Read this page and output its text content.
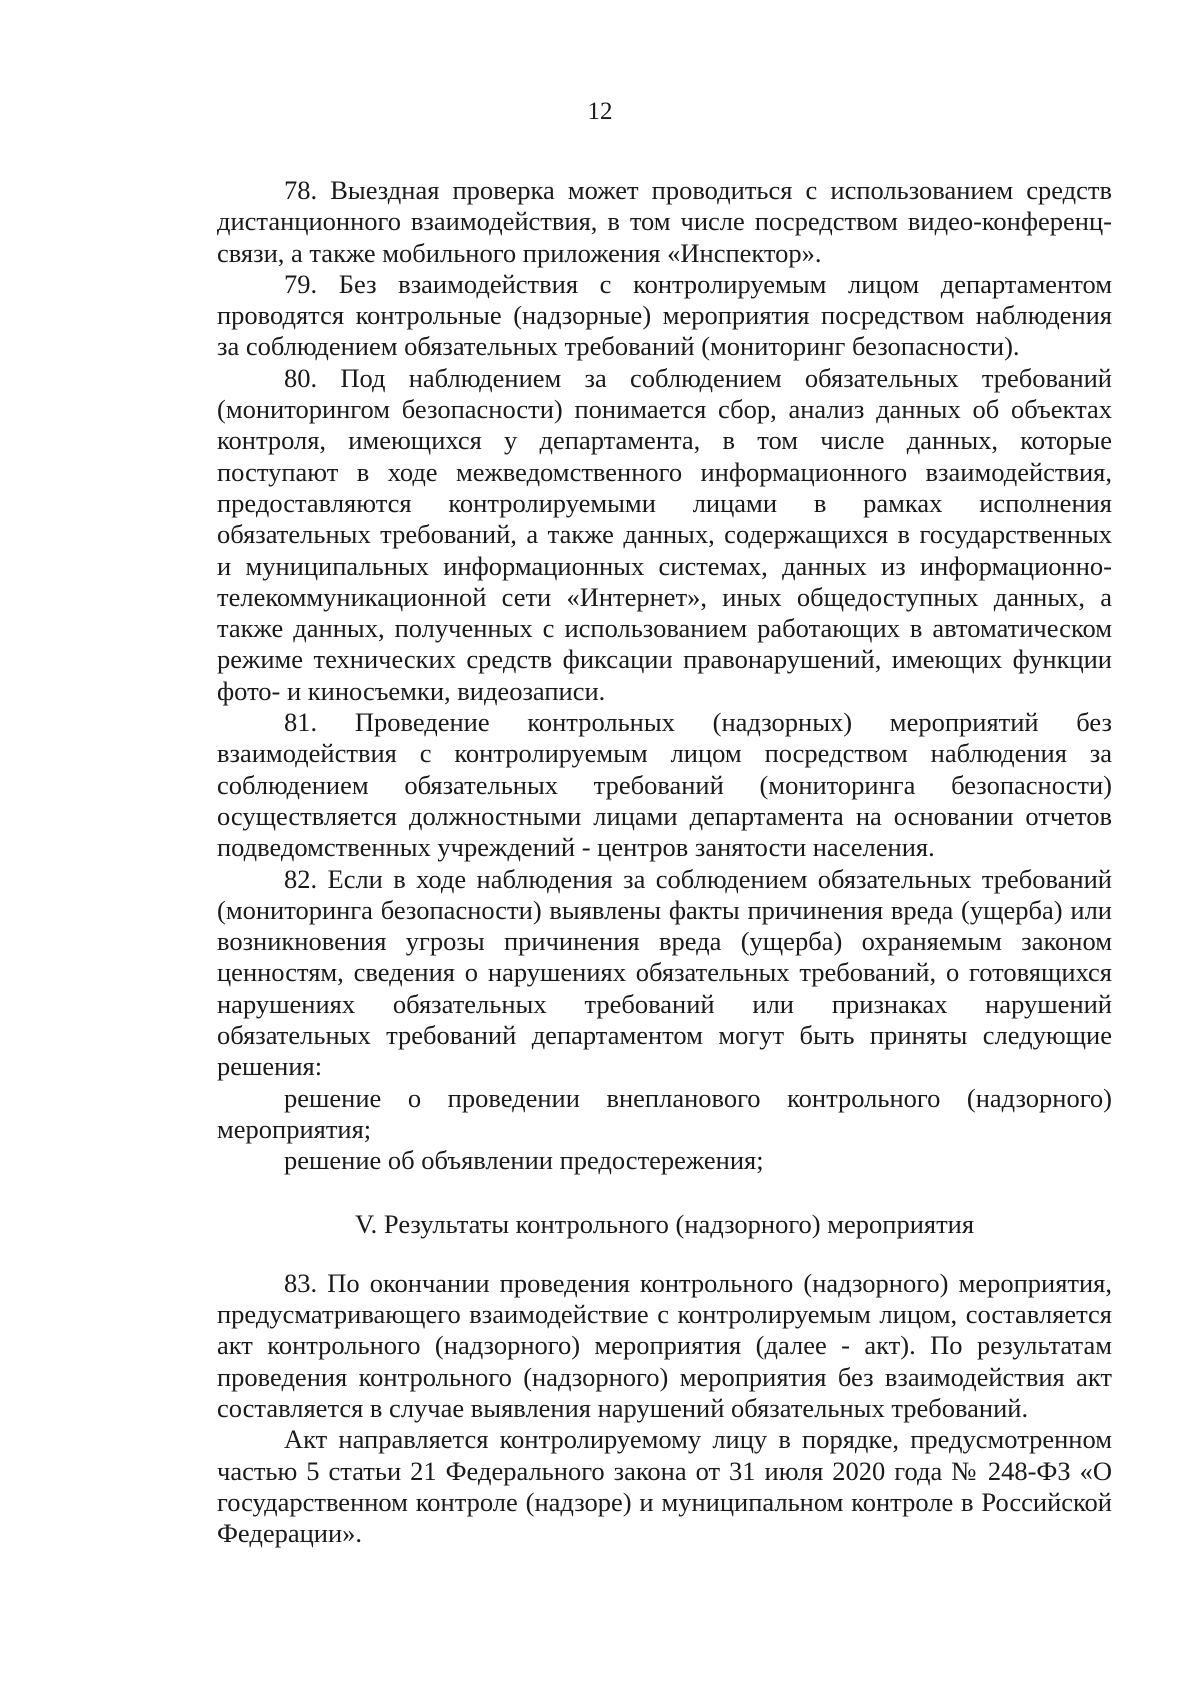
12

78. Выездная проверка может проводиться с использованием средств дистанционного взаимодействия, в том числе посредством видео-конференц-связи, а также мобильного приложения «Инспектор».

79. Без взаимодействия с контролируемым лицом департаментом проводятся контрольные (надзорные) мероприятия посредством наблюдения за соблюдением обязательных требований (мониторинг безопасности).

80. Под наблюдением за соблюдением обязательных требований (мониторингом безопасности) понимается сбор, анализ данных об объектах контроля, имеющихся у департамента, в том числе данных, которые поступают в ходе межведомственного информационного взаимодействия, предоставляются контролируемыми лицами в рамках исполнения обязательных требований, а также данных, содержащихся в государственных и муниципальных информационных системах, данных из информационно-телекоммуникационной сети «Интернет», иных общедоступных данных, а также данных, полученных с использованием работающих в автоматическом режиме технических средств фиксации правонарушений, имеющих функции фото- и киносъемки, видеозаписи.

81. Проведение контрольных (надзорных) мероприятий без взаимодействия с контролируемым лицом посредством наблюдения за соблюдением обязательных требований (мониторинга безопасности) осуществляется должностными лицами департамента на основании отчетов подведомственных учреждений - центров занятости населения.

82. Если в ходе наблюдения за соблюдением обязательных требований (мониторинга безопасности) выявлены факты причинения вреда (ущерба) или возникновения угрозы причинения вреда (ущерба) охраняемым законом ценностям, сведения о нарушениях обязательных требований, о готовящихся нарушениях обязательных требований или признаках нарушений обязательных требований департаментом могут быть приняты следующие решения:

решение о проведении внепланового контрольного (надзорного) мероприятия;

решение об объявлении предостережения;

V. Результаты контрольного (надзорного) мероприятия

83. По окончании проведения контрольного (надзорного) мероприятия, предусматривающего взаимодействие с контролируемым лицом, составляется акт контрольного (надзорного) мероприятия (далее - акт). По результатам проведения контрольного (надзорного) мероприятия без взаимодействия акт составляется в случае выявления нарушений обязательных требований.

Акт направляется контролируемому лицу в порядке, предусмотренном частью 5 статьи 21 Федерального закона от 31 июля 2020 года № 248-ФЗ «О государственном контроле (надзоре) и муниципальном контроле в Российской Федерации».
